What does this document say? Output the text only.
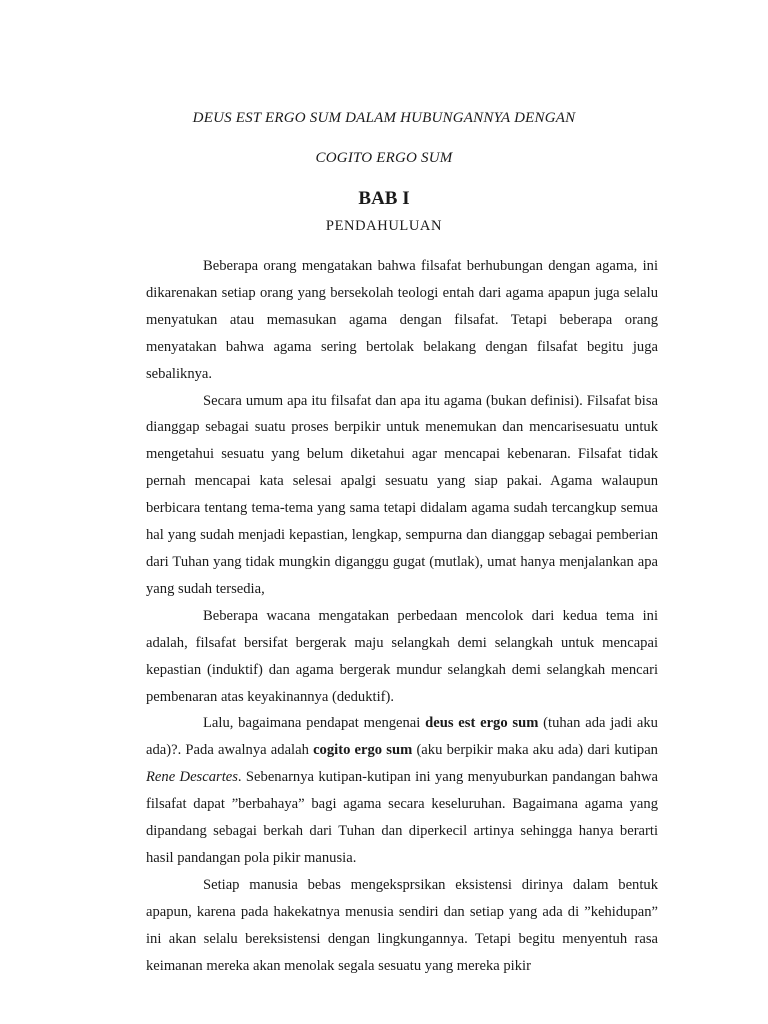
DEUS EST ERGO SUM DALAM HUBUNGANNYA DENGAN
COGITO ERGO SUM
BAB I
PENDAHULUAN

Beberapa orang mengatakan bahwa filsafat berhubungan dengan agama, ini dikarenakan setiap orang yang bersekolah teologi entah dari agama apapun juga selalu menyatukan atau memasukan agama dengan filsafat. Tetapi beberapa orang menyatakan bahwa agama sering bertolak belakang dengan filsafat begitu juga sebaliknya.

Secara umum apa itu filsafat dan apa itu agama (bukan definisi). Filsafat bisa dianggap sebagai suatu proses berpikir untuk menemukan dan mencarisesuatu untuk mengetahui sesuatu yang belum diketahui agar mencapai kebenaran. Filsafat tidak pernah mencapai kata selesai apalgi sesuatu yang siap pakai. Agama walaupun berbicara tentang tema-tema yang sama tetapi didalam agama sudah tercangkup semua hal yang sudah menjadi kepastian, lengkap, sempurna dan dianggap sebagai pemberian dari Tuhan yang tidak mungkin diganggu gugat (mutlak), umat hanya menjalankan apa yang sudah tersedia,

Beberapa wacana mengatakan perbedaan mencolok dari kedua tema ini adalah, filsafat bersifat bergerak maju selangkah demi selangkah untuk mencapai kepastian (induktif) dan agama bergerak mundur selangkah demi selangkah mencari pembenaran atas keyakinannya (deduktif).

Lalu, bagaimana pendapat mengenai deus est ergo sum (tuhan ada jadi aku ada)?. Pada awalnya adalah cogito ergo sum (aku berpikir maka aku ada) dari kutipan Rene Descartes. Sebenarnya kutipan-kutipan ini yang menyuburkan pandangan bahwa filsafat dapat ”berbahaya” bagi agama secara keseluruhan. Bagaimana agama yang dipandang sebagai berkah dari Tuhan dan diperkecil artinya sehingga hanya berarti hasil pandangan pola pikir manusia.

Setiap manusia bebas mengeksprsikan eksistensi dirinya dalam bentuk apapun, karena pada hakekatnya menusia sendiri dan setiap yang ada di ”kehidupan” ini akan selalu bereksistensi dengan lingkungannya. Tetapi begitu menyentuh rasa keimanan mereka akan menolak segala sesuatu yang mereka pikir
